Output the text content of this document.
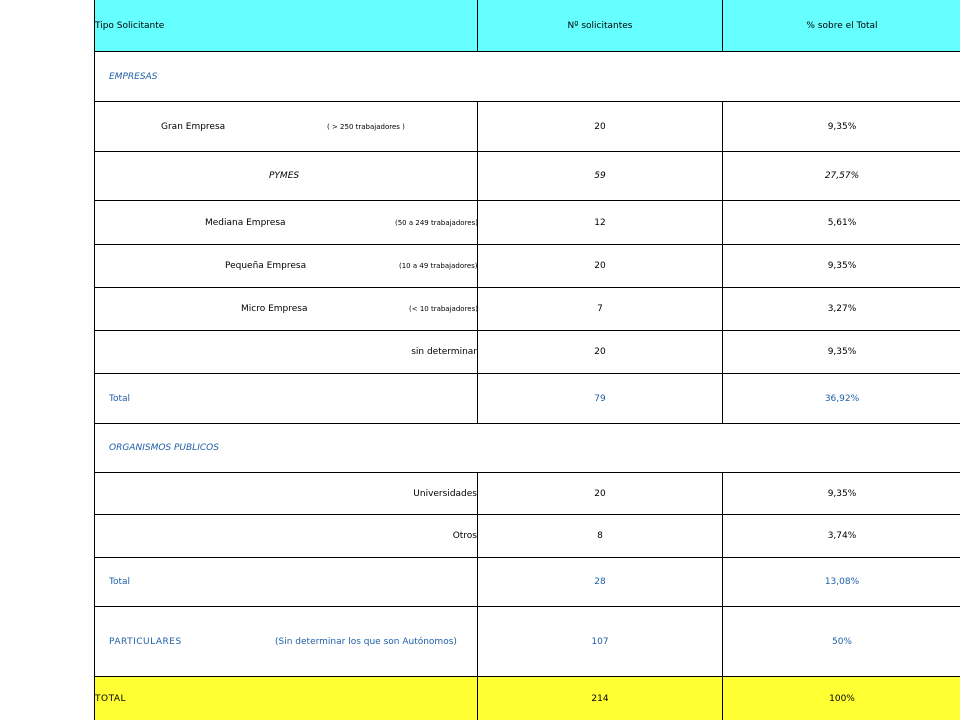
Tipo Solicitante	Nº solicitantes	% sobre el Total
EMPRESAS
Gran Empresa	( > 250 trabajadores )	20	9,35%
PYMES	59	27,57%
Mediana Empresa	(50 a 249 trabajadores)	12	5,61%
Pequeña Empresa	(10 a 49 trabajadores)	20	9,35%
Micro Empresa	(< 10 trabajadores)	7	3,27%
sin determinar	20	9,35%
Total	79	36,92%
ORGANISMOS PUBLICOS
Universidades	20	9,35%
Otros	8	3,74%
Total	28	13,08%
PARTICULARES	(Sin determinar los que son Autónomos)	107	50%
TOTAL	214	100%
